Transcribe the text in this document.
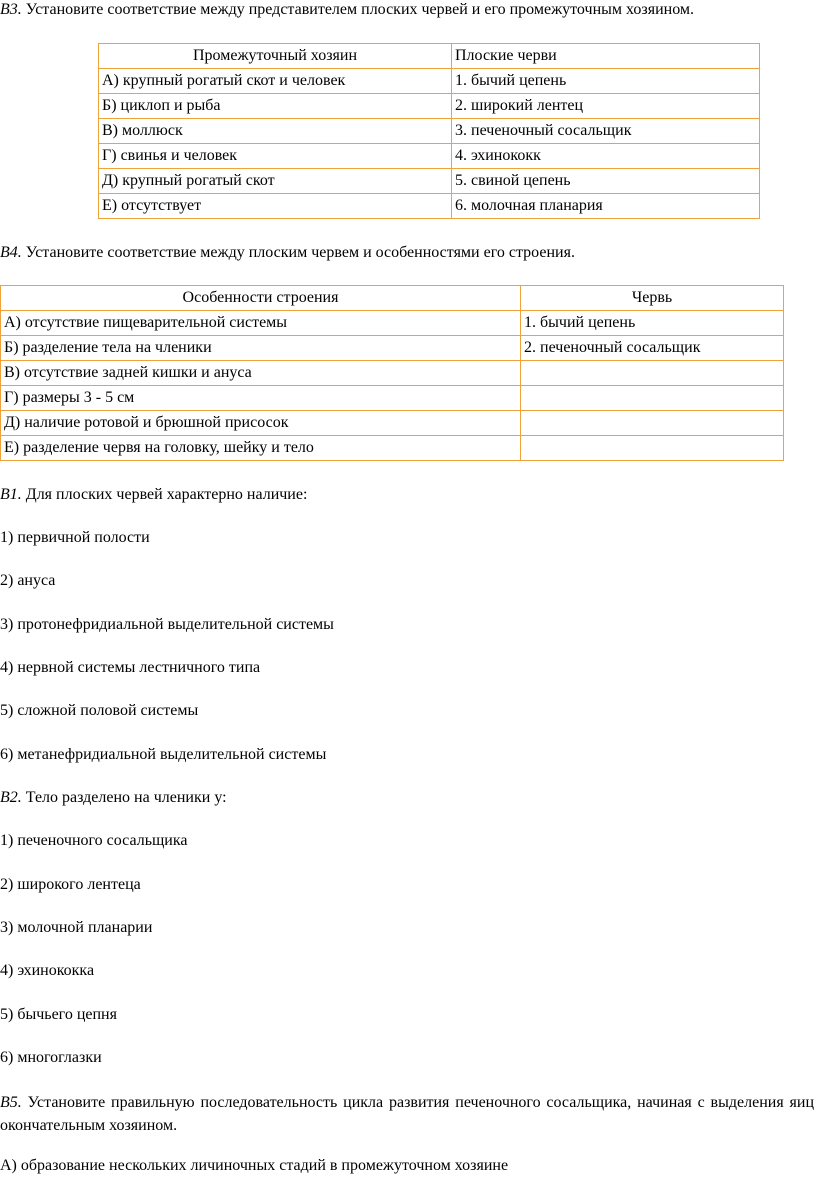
В3. Установите соответствие между представителем плоских червей и его промежуточным хозяином.
Промежуточный хозяин	Плоские черви
А) крупный рогатый скот и человек	1. бычий цепень
Б) циклоп и рыба	2. широкий лентец
В) моллюск	3. печеночный сосальщик
Г) свинья и человек	4. эхинококк
Д) крупный рогатый скот	5. свиной цепень
Е) отсутствует	6. молочная планария
В4. Установите соответствие между плоским червем и особенностями его строения.
Особенности строения	Червь
А) отсутствие пищеварительной системы	1. бычий цепень
Б) разделение тела на членики	2. печеночный сосальщик
В) отсутствие задней кишки и ануса	
Г) размеры 3 - 5 см	
Д) наличие ротовой и брюшной присосок	
Е) разделение червя на головку, шейку и тело	
В1. Для плоских червей характерно наличие:
1) первичной полости
2) ануса
3) протонефридиальной выделительной системы
4) нервной системы лестничного типа
5) сложной половой системы
6) метанефридиальной выделительной системы
В2. Тело разделено на членики у:
1) печеночного сосальщика
2) широкого лентеца
3) молочной планарии
4) эхинококка
5) бычьего цепня
6) многоглазки
В5. Установите правильную последовательность цикла развития печеночного сосальщика, начиная с выделения яиц окончательным хозяином.
А) образование нескольких личиночных стадий в промежуточном хозяине
